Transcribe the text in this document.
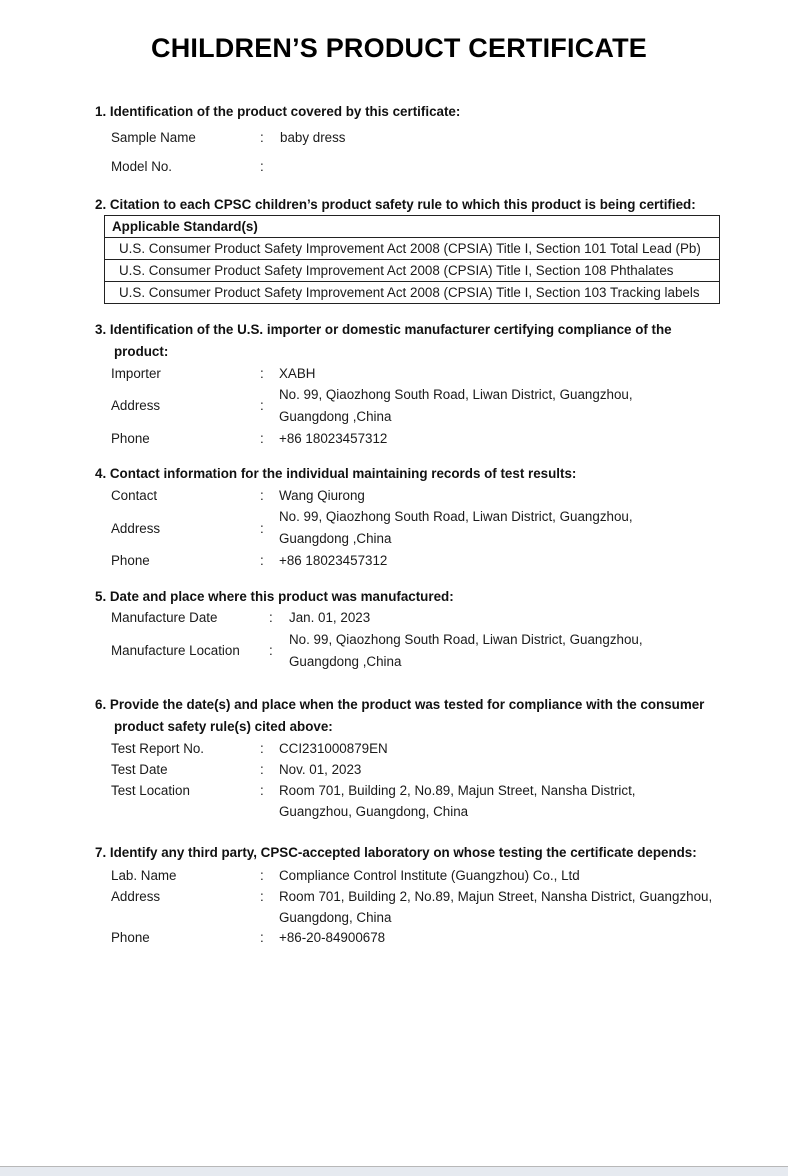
CHILDREN’S PRODUCT CERTIFICATE
1. Identification of the product covered by this certificate:
Sample Name	: baby dress
Model No.	:
2. Citation to each CPSC children’s product safety rule to which this product is being certified:
Applicable Standard(s)
U.S. Consumer Product Safety Improvement Act 2008 (CPSIA) Title I, Section 101 Total Lead (Pb)
U.S. Consumer Product Safety Improvement Act 2008 (CPSIA) Title I, Section 108 Phthalates
U.S. Consumer Product Safety Improvement Act 2008 (CPSIA) Title I, Section 103 Tracking labels
3. Identification of the U.S. importer or domestic manufacturer certifying compliance of the
product:
Importer	: XABH
Address	:
No. 99, Qiaozhong South Road, Liwan District, Guangzhou,
Guangdong ,China
Phone	: +86 18023457312
4. Contact information for the individual maintaining records of test results:
Contact	: Wang Qiurong
Address	:
No. 99, Qiaozhong South Road, Liwan District, Guangzhou,
Guangdong ,China
Phone	: +86 18023457312
5. Date and place where this product was manufactured:
Manufacture Date	: Jan. 01, 2023
Manufacture Location :
No. 99, Qiaozhong South Road, Liwan District, Guangzhou,
Guangdong ,China
6. Provide the date(s) and place when the product was tested for compliance with the consumer
product safety rule(s) cited above:
Test Report No.	: CCI231000879EN
Test Date	: Nov. 01, 2023
Test Location	: Room 701, Building 2, No.89, Majun Street, Nansha District,
Guangzhou, Guangdong, China
7. Identify any third party, CPSC-accepted laboratory on whose testing the certificate depends:
Lab. Name	: Compliance Control Institute (Guangzhou) Co., Ltd
Address	: Room 701, Building 2, No.89, Majun Street, Nansha District, Guangzhou,
Guangdong, China
Phone	: +86-20-84900678
